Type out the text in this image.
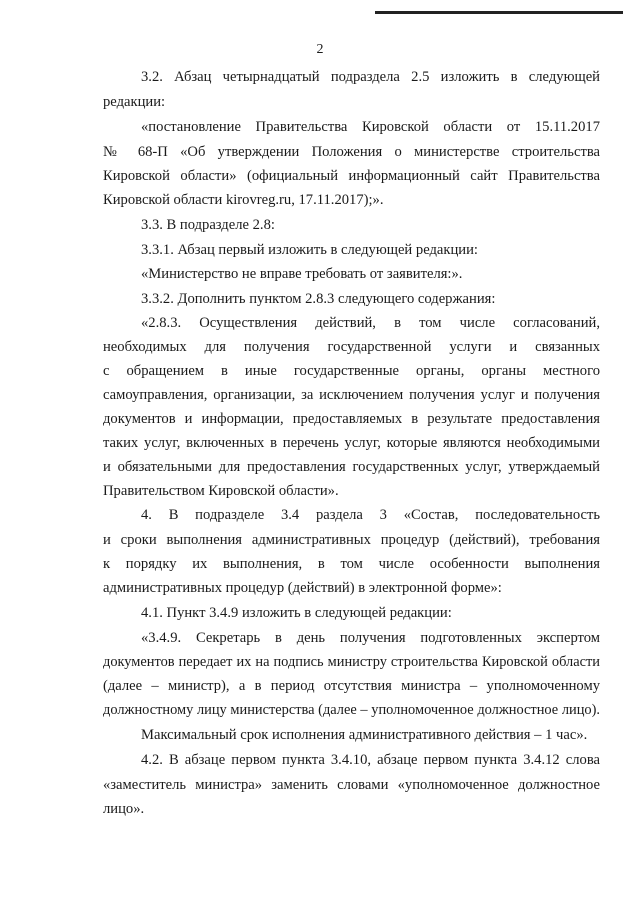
2
3.2. Абзац четырнадцатый подраздела 2.5 изложить в следующей
редакции:
«постановление Правительства Кировской области от 15.11.2017
№ 68-П «Об утверждении Положения о министерстве строительства
Кировской области» (официальный информационный сайт Правительства
Кировской области kirovreg.ru, 17.11.2017);».
3.3. В подразделе 2.8:
3.3.1. Абзац первый изложить в следующей редакции:
«Министерство не вправе требовать от заявителя:».
3.3.2. Дополнить пунктом 2.8.3 следующего содержания:
«2.8.3. Осуществления действий, в том числе согласований,
необходимых для получения государственной услуги и связанных
с обращением в иные государственные органы, органы местного
самоуправления, организации, за исключением получения услуг и получения
документов и информации, предоставляемых в результате предоставления
таких услуг, включенных в перечень услуг, которые являются необходимыми
и обязательными для предоставления государственных услуг, утверждаемый
Правительством Кировской области».
4. В подразделе 3.4 раздела 3 «Состав, последовательность
и сроки выполнения административных процедур (действий), требования
к порядку их выполнения, в том числе особенности выполнения
административных процедур (действий) в электронной форме»:
4.1. Пункт 3.4.9 изложить в следующей редакции:
«3.4.9. Секретарь в день получения подготовленных экспертом
документов передает их на подпись министру строительства Кировской области
(далее – министр), а в период отсутствия министра – уполномоченному
должностному лицу министерства (далее – уполномоченное должностное лицо).
Максимальный срок исполнения административного действия – 1 час».
4.2. В абзаце первом пункта 3.4.10, абзаце первом пункта 3.4.12 слова
«заместитель министра» заменить словами «уполномоченное должностное
лицо».
